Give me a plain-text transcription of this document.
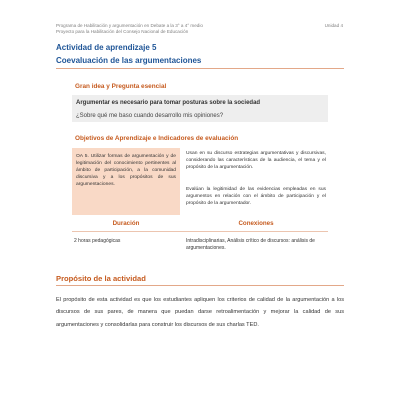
Programa de Habilitación y argumentación en Debate a la 3° a 4° medio
Proyecto para la Habilitación del Consejo Nacional de Educación
Unidad 4
Actividad de aprendizaje 5
Coevaluación de las argumentaciones
Gran idea y Pregunta esencial
Argumentar es necesario para tomar posturas sobre la sociedad
¿Sobre qué me baso cuando desarrollo mis opiniones?
Objetivos de Aprendizaje e Indicadores de evaluación
OA 5. Utilizar formas de argumentación y de legitimación del conocimiento pertinentes al ámbito de participación, a la comunidad discursiva y a los propósitos de sus argumentaciones.
Usan en su discurso estrategias argumentativas y discursivas, considerando las características de la audiencia, el tema y el propósito de la argumentación.
Evalúan la legitimidad de las evidencias empleadas en sus argumentos en relación con el ámbito de participación y el propósito de la argumentador.
Duración	Conexiones
2 horas pedagógicas	Intradisciplinarias, Análisis crítico de discursos: análisis de argumentaciones.
Propósito de la actividad
El propósito de esta actividad es que los estudiantes apliquen los criterios de calidad de la argumentación a los discursos de sus pares, de manera que puedan darse retroalimentación y mejorar la calidad de sus argumentaciones y consolidarlas para construir los discursos de sus charlas TED.
